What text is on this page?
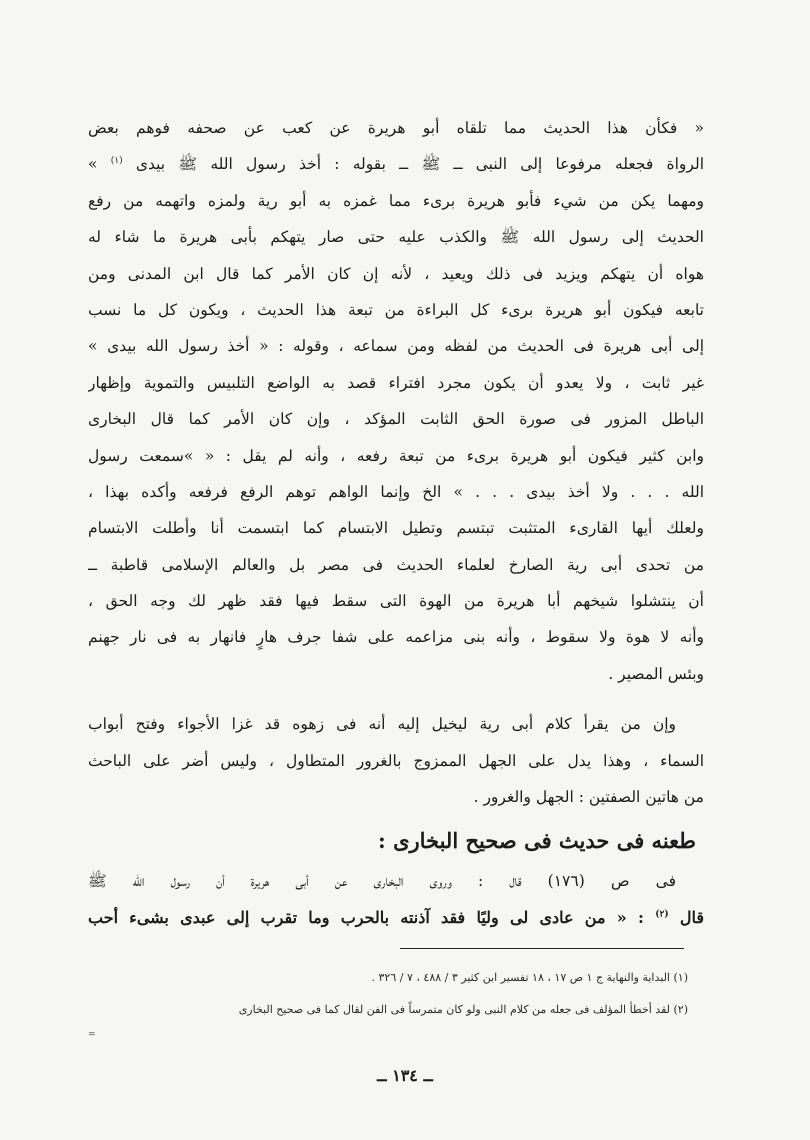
« فكأن هذا الحديث مما تلقاه أبو هريرة عن كعب عن صحفه فوهم بعض
الرواة فجعله مرفوعا إلى النبى ــ ﷺ ــ بقوله : أخذ رسول الله ﷺ بيدى $^{(١)}$ »
ومهما يكن من شيء فأبو هريرة برىء مما غمزه به أبو رية ولمزه واتهمه من رفع
الحديث إلى رسول الله ﷺ والكذب عليه حتى صار يتهكم بأبى هريرة ما شاء له
هواه أن يتهكم ويزيد فى ذلك ويعيد ، لأنه إن كان الأمر كما قال ابن المدنى ومن
تابعه فيكون أبو هريرة برىء كل البراءة من تبعة هذا الحديث ، ويكون كل ما نسب
إلى أبى هريرة فى الحديث من لفظه ومن سماعه ، وقوله : « أخذ رسول الله بيدى »
غير ثابت ، ولا يعدو أن يكون مجرد افتراء قصد به الواضع التلبيس والتموية وإظهار
الباطل المزور فى صورة الحق الثابت المؤكد ، وإن كان الأمر كما قال البخارى
وابن كثير فيكون أبو هريرة برىء من تبعة رفعه ، وأنه لم يقل : « »سمعت رسول
الله . . . ولا أخذ بيدى . . . » الخ وإنما الواهم توهم الرفع فرفعه وأكده بهذا ،
ولعلك أيها القارىء المتثبت تبتسم وتطيل الابتسام كما ابتسمت أنا وأطلت الابتسام
من تحدى أبى رية الصارخ لعلماء الحديث فى مصر بل والعالم الإسلامى قاطبة ــ
أن ينتشلوا شيخهم أبا هريرة من الهوة التى سقط فيها فقد ظهر لك وجه الحق ،
وأنه لا هوة ولا سقوط ، وأنه بنى مزاعمه على شفا جرف هارٍ فانهار به فى نار جهنم
وبئس المصير .
وإن من يقرأ كلام أبى رية ليخيل إليه أنه فى زهوه قد غزا الأجواء وفتح أبواب
السماء ، وهذا يدل على الجهل الممزوج بالغرور المتطاول ، وليس أضر على الباحث
من هاتين الصفتين : الجهل والغرور .
طعنه فى حديث فى صحيح البخارى :
فى ص (١٧٦) قال : وروى البخارى عن أبى هريرة أن رسول الله ﷺ
قال $^{(٢)}$ : « من عادى لى وليًا فقد آذنته بالحرب وما تقرب إلى عبدى بشىء أحب
(١) البداية والنهاية ج ١ ص ١٧ ، ١٨ تفسير ابن كثير ٣ / ٤٨٨ ، ٧ / ٣٢٦ .
(٢) لقد أخطأ المؤلف فى جعله من كلام النبى ولو كان متمرساً فى الفن لقال كما فى صحيح البخارى
=
ــ ١٣٤ ــ
